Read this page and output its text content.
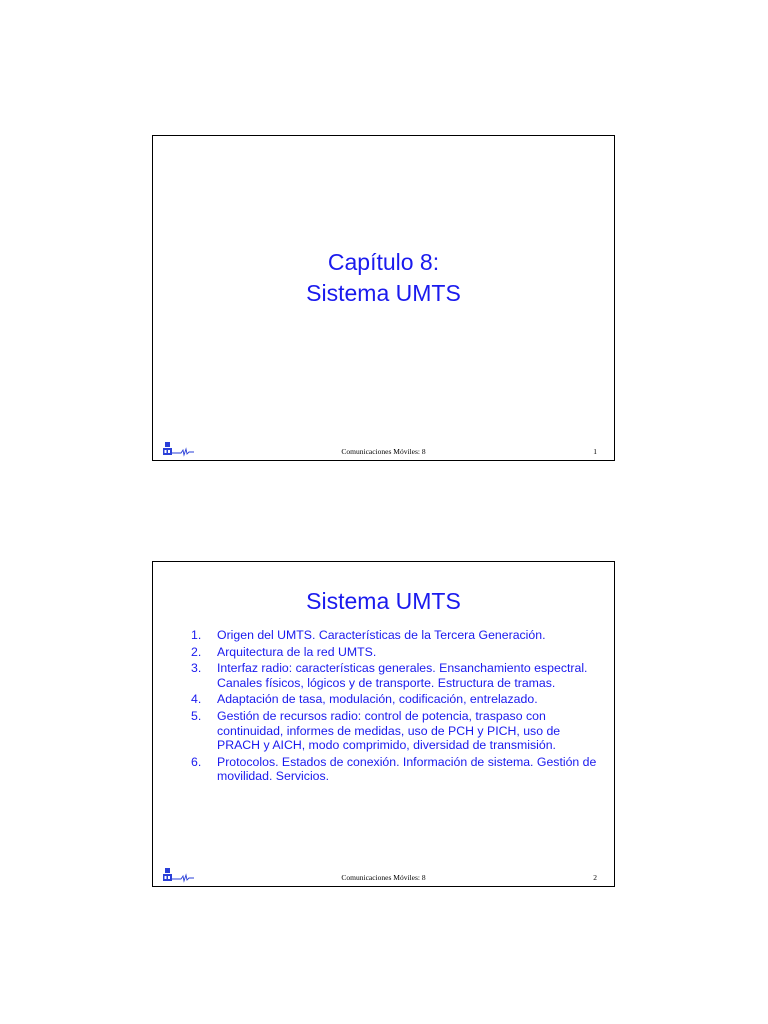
Capítulo 8:
Sistema UMTS
Comunicaciones Móviles: 8	1
Sistema UMTS
1.	Origen del UMTS. Características de la Tercera Generación.
2.	Arquitectura de la red UMTS.
3.	Interfaz radio: características generales. Ensanchamiento espectral. Canales físicos, lógicos y de transporte. Estructura de tramas.
4.	Adaptación de tasa, modulación, codificación, entrelazado.
5.	Gestión de recursos radio: control de potencia, traspaso con continuidad, informes de medidas, uso de PCH y PICH, uso de PRACH y AICH, modo comprimido, diversidad de transmisión.
6.	Protocolos. Estados de conexión. Información de sistema. Gestión de movilidad. Servicios.
Comunicaciones Móviles: 8	2
